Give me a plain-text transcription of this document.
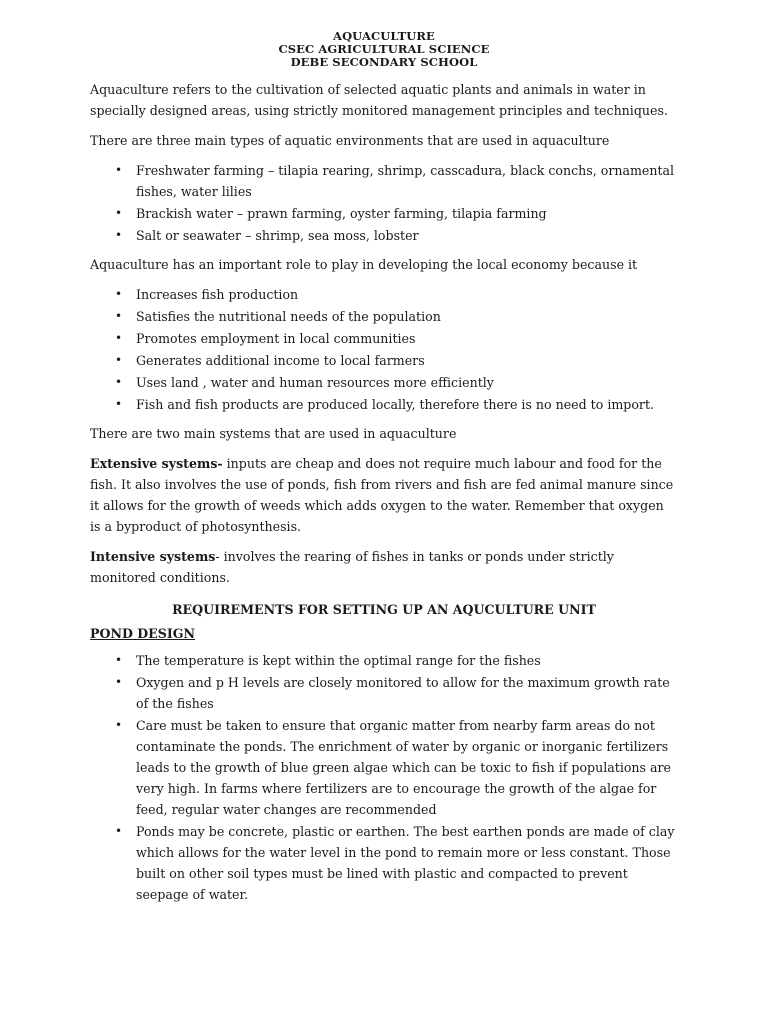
AQUACULTURE
CSEC AGRICULTURAL SCIENCE
DEBE SECONDARY SCHOOL

Aquaculture refers to the cultivation of selected aquatic plants and animals in water in specially designed areas, using strictly monitored management principles and techniques.

There are three main types of aquatic environments that are used in aquaculture

• Freshwater farming – tilapia rearing, shrimp, casscadura, black conchs, ornamental fishes, water lilies
• Brackish water – prawn farming, oyster farming, tilapia farming
• Salt or seawater – shrimp, sea moss, lobster

Aquaculture has an important role to play in developing the local economy because it

• Increases fish production
• Satisfies the nutritional needs of the population
• Promotes employment in local communities
• Generates additional income to local farmers
• Uses land , water and human resources more efficiently
• Fish and fish products are produced locally, therefore there is no need to import.

There are two main systems that are used in aquaculture

Extensive systems- inputs are cheap and does not require much labour and food for the fish. It also involves the use of ponds, fish from rivers and fish are fed animal manure since it allows for the growth of weeds which adds oxygen to the water. Remember that oxygen is a byproduct of photosynthesis.

Intensive systems- involves the rearing of fishes in tanks or ponds under strictly monitored conditions.

REQUIREMENTS FOR SETTING UP AN AQUCULTURE UNIT
POND DESIGN
• The temperature is kept within the optimal range for the fishes
• Oxygen and p H levels are closely monitored to allow for the maximum growth rate of the fishes
• Care must be taken to ensure that organic matter from nearby farm areas do not contaminate the ponds. The enrichment of water by organic or inorganic fertilizers leads to the growth of blue green algae which can be toxic to fish if populations are very high. In farms where fertilizers are to encourage the growth of the algae for feed, regular water changes are recommended
• Ponds may be concrete, plastic or earthen. The best earthen ponds are made of clay which allows for the water level in the pond to remain more or less constant. Those built on other soil types must be lined with plastic and compacted to prevent seepage of water.
